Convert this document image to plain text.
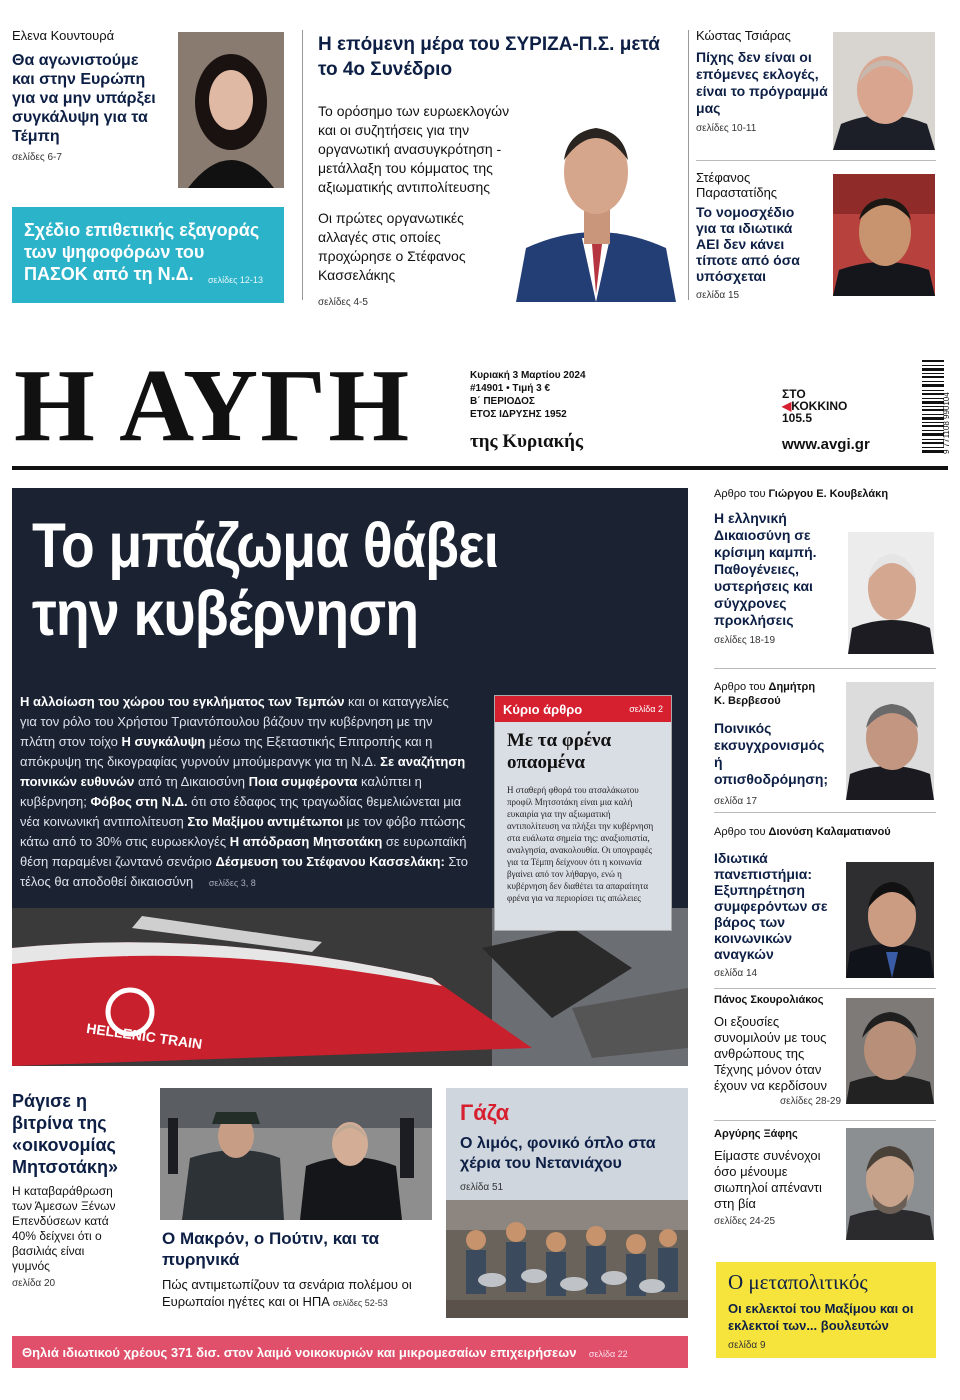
Ελενα Κουντουρά
Θα αγωνιστούμε και στην Ευρώπη για να μην υπάρξει συγκάλυψη για τα Τέμπη
σελίδες 6-7
Σχέδιο επιθετικής εξαγοράς των ψηφοφόρων του ΠΑΣΟΚ από τη Ν.Δ.	σελίδες 12-13
Η επόμενη μέρα του ΣΥΡΙΖΑ-Π.Σ. μετά το 4ο Συνέδριο
Το ορόσημο των ευρωεκλογών και οι συζητήσεις για την οργανωτική ανασυγκρότηση - μετάλλαξη του κόμματος της αξιωματικής αντιπολίτευσης
Οι πρώτες οργανωτικές αλλαγές στις οποίες προχώρησε ο Στέφανος Κασσελάκης
σελίδες 4-5
Κώστας Τσιάρας
Πίχης δεν είναι οι επόμενες εκλογές, είναι το πρόγραμμά μας
σελίδες 10-11
Στέφανος Παραστατίδης
Το νομοσχέδιο για τα ιδιωτικά ΑΕΙ δεν κάνει τίποτε από όσα υπόσχεται
σελίδα 15
Η ΑΥΓΗ	Κυριακή 3 Μαρτίου 2024
#14901 • Τιμή 3 €
Β΄ ΠΕΡΙΟΔΟΣ
ΕΤΟΣ ΙΔΡΥΣΗΣ 1952
της Κυριακής
ΣΤΟ
◀ΚΟΚΚΙΝΟ
105.5
www.avgi.gr	9 771108 990104
Το μπάζωμα θάβει
την κυβέρνηση
Η αλλοίωση του χώρου του εγκλήματος των Τεμπών και οι καταγγελίες για τον ρόλο του Χρήστου Τριαντόπουλου βάζουν την κυβέρνηση με την πλάτη στον τοίχο Η συγκάλυψη μέσω της Εξεταστικής Επιτροπής και η απόκρυψη της δικογραφίας γυρνούν μπούμερανγκ για τη Ν.Δ. Σε αναζήτηση ποινικών ευθυνών από τη Δικαιοσύνη Ποια συμφέροντα καλύπτει η κυβέρνηση; Φόβος στη Ν.Δ. ότι στο έδαφος της τραγωδίας θεμελιώνεται μια νέα κοινωνική αντιπολίτευση Στο Μαξίμου αντιμέτωποι με τον φόβο πτώσης κάτω από το 30% στις ευρωεκλογές Η απόδραση Μητσοτάκη σε ευρωπαϊκή θέση παραμένει ζωντανό σενάριο Δέσμευση του Στέφανου Κασσελάκη: Στο τέλος θα αποδοθεί δικαιοσύνη σελίδες 3, 8
HELLENIC TRAIN
Κύριο άρθρο	σελίδα 2
Με τα φρένα οπαομένα
Η σταθερή φθορά του ατσαλάκωτου προφίλ Μητσοτάκη είναι μια καλή ευκαιρία για την αξιωματική αντιπολίτευση να πλήξει την κυβέρνηση στα ευάλωτα σημεία της: αναξιοπιστία, αναλγησία, ανακολουθία. Οι υπογραφές για τα Τέμπη δείχνουν ότι η κοινωνία βγαίνει από τον λήθαργο, ενώ η κυβέρνηση δεν διαθέτει τα απαραίτητα φρένα για να περιορίσει τις απώλειες
Αρθρο του Γιώργου Ε. Κουβελάκη
Η ελληνική Δικαιοσύνη σε κρίσιμη καμπή. Παθογένειες, υστερήσεις και σύγχρονες προκλήσεις
σελίδες 18-19
Αρθρο του Δημήτρη Κ. Βερβεσού
Ποινικός εκσυγχρονισμός ή οπισθοδρόμηση;
σελίδα 17
Αρθρο του Διονύση Καλαματιανού
Ιδιωτικά πανεπιστήμια: Εξυπηρέτηση συμφερόντων σε βάρος των κοινωνικών αναγκών
σελίδα 14
Πάνος Σκουρολιάκος
Οι εξουσίες συνομιλούν με τους ανθρώπους της Τέχνης μόνον όταν έχουν να κερδίσουν
σελίδες 28-29
Αργύρης Ξάφης
Είμαστε συνένοχοι όσο μένουμε σιωπηλοί απέναντι στη βία
σελίδες 24-25
Ο μεταπολιτικός
Οι εκλεκτοί του Μαξίμου και οι εκλεκτοί των... βουλευτών
σελίδα 9
Ράγισε η βιτρίνα της «οικονομίας Μητσοτάκη»
Η καταβαράθρωση των Άμεσων Ξένων Επενδύσεων κατά 40% δείχνει ότι ο βασιλιάς είναι γυμνός
σελίδα 20
Ο Μακρόν, ο Πούτιν, και τα πυρηνικά
Πώς αντιμετωπίζουν τα σενάρια πολέμου οι Ευρωπαίοι ηγέτες και οι ΗΠΑ σελίδες 52-53
Γάζα
Ο λιμός, φονικό όπλο στα χέρια του Νετανιάχου
σελίδα 51
Θηλιά ιδιωτικού χρέους 371 δισ. στον λαιμό νοικοκυριών και μικρομεσαίων επιχειρήσεων σελίδα 22
